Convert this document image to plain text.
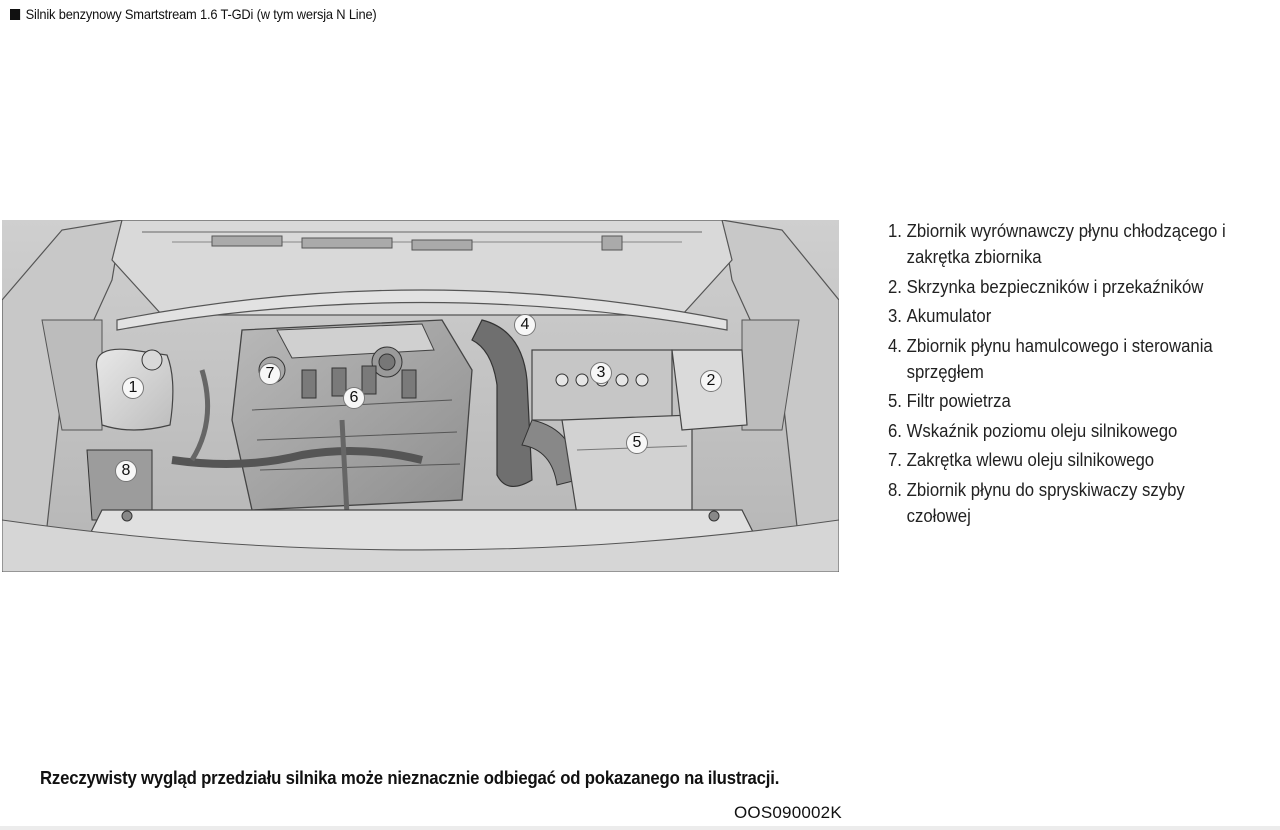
Silnik benzynowy Smartstream 1.6 T-GDi (w tym wersja N Line)
1	2
3
4
5
6
7
8
1. Zbiornik wyrównawczy płynu chłodzącego i zakrętka zbiornika
2. Skrzynka bezpieczników i przekaźników
3. Akumulator
4. Zbiornik płynu hamulcowego i sterowania sprzęgłem
5. Filtr powietrza
6. Wskaźnik poziomu oleju silnikowego
7. Zakrętka wlewu oleju silnikowego
8. Zbiornik płynu do spryskiwaczy szyby czołowej
Rzeczywisty wygląd przedziału silnika może nieznacznie odbiegać od pokazanego na ilustracji.
OOS090002K
